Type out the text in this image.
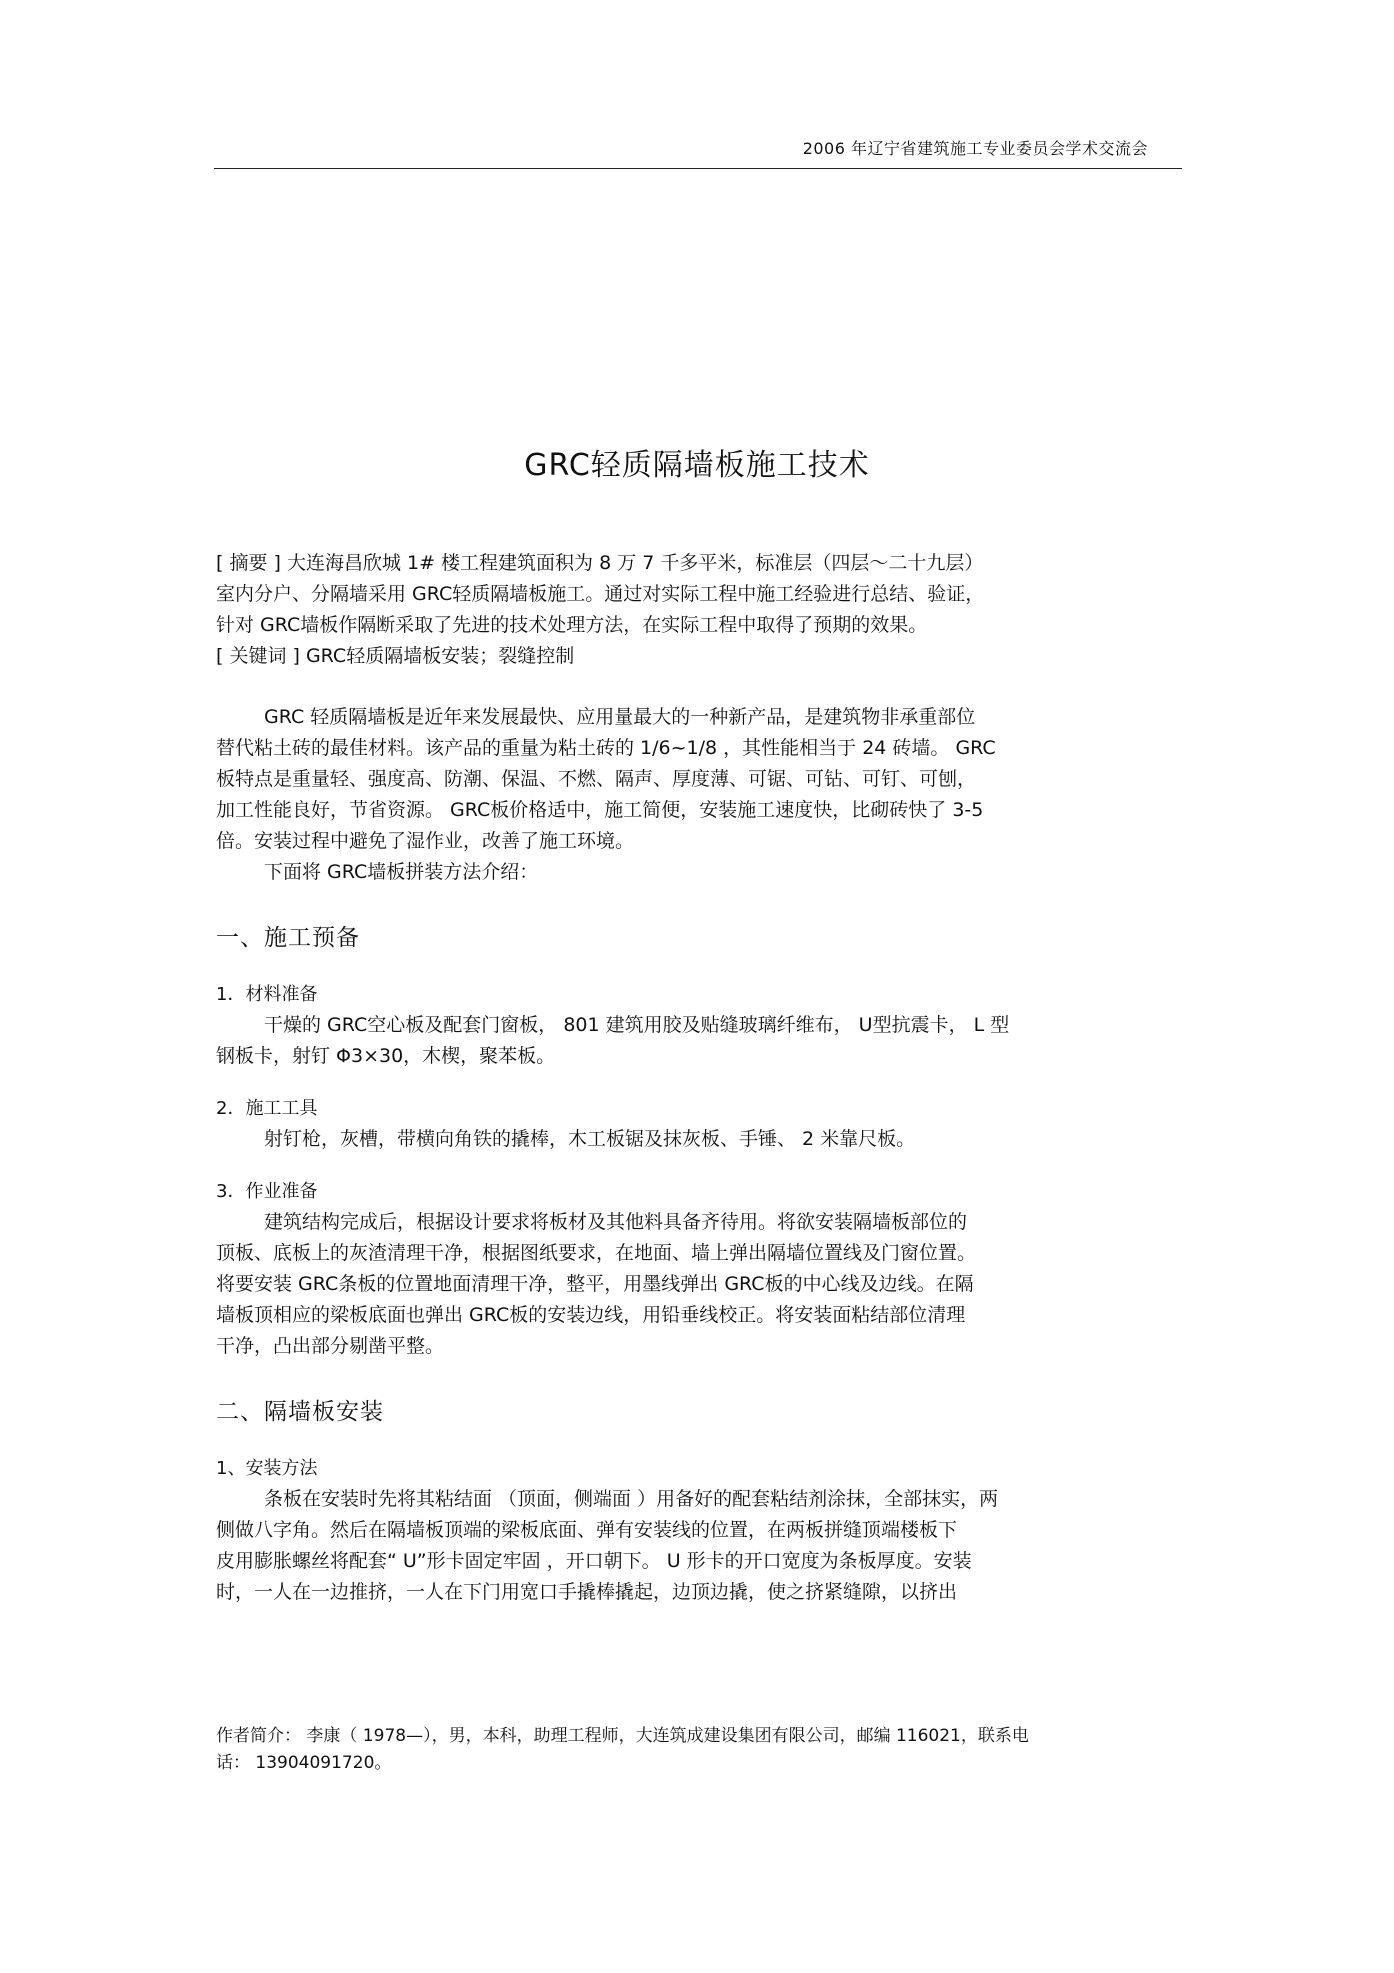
2006 年辽宁省建筑施工专业委员会学术交流会
GRC轻质隔墙板施工技术
[ 摘要 ] 大连海昌欣城 1# 楼工程建筑面积为 8 万 7 千多平米，标准层（四层～二十九层）
室内分户、分隔墙采用 GRC轻质隔墙板施工。通过对实际工程中施工经验进行总结、验证，
针对 GRC墙板作隔断采取了先进的技术处理方法，在实际工程中取得了预期的效果。
[ 关键词 ] GRC轻质隔墙板安装；裂缝控制
GRC 轻质隔墙板是近年来发展最快、应用量最大的一种新产品，是建筑物非承重部位
替代粘土砖的最佳材料。该产品的重量为粘土砖的 1/6~1/8 ，其性能相当于 24 砖墙。 GRC
板特点是重量轻、强度高、防潮、保温、不燃、隔声、厚度薄、可锯、可钻、可钉、可刨，
加工性能良好，节省资源。 GRC板价格适中，施工简便，安装施工速度快，比砌砖快了 3-5
倍。安装过程中避免了湿作业，改善了施工环境。
下面将 GRC墙板拼装方法介绍：
一、施工预备
1．材料准备
干燥的 GRC空心板及配套门窗板， 801 建筑用胶及贴缝玻璃纤维布， U型抗震卡， L 型
钢板卡，射钉 Φ3×30，木楔，聚苯板。
2．施工工具
射钉枪，灰槽，带横向角铁的撬棒，木工板锯及抹灰板、手锤、 2 米靠尺板。
3．作业准备
建筑结构完成后，根据设计要求将板材及其他料具备齐待用。将欲安装隔墙板部位的
顶板、底板上的灰渣清理干净，根据图纸要求，在地面、墙上弹出隔墙位置线及门窗位置。
将要安装 GRC条板的位置地面清理干净，整平，用墨线弹出 GRC板的中心线及边线。在隔
墙板顶相应的梁板底面也弹出 GRC板的安装边线，用铅垂线校正。将安装面粘结部位清理
干净，凸出部分剔凿平整。
二、隔墙板安装
1、安装方法
条板在安装时先将其粘结面 （顶面，侧端面 ）用备好的配套粘结剂涂抹，全部抹实，两
侧做八字角。然后在隔墙板顶端的梁板底面、弹有安装线的位置，在两板拼缝顶端楼板下
皮用膨胀螺丝将配套“ U”形卡固定牢固 ，开口朝下。 U 形卡的开口宽度为条板厚度。安装
时，一人在一边推挤，一人在下门用宽口手撬棒撬起，边顶边撬，使之挤紧缝隙，以挤出
作者简介： 李康（ 1978—），男，本科，助理工程师，大连筑成建设集团有限公司，邮编 116021，联系电
话： 13904091720。
